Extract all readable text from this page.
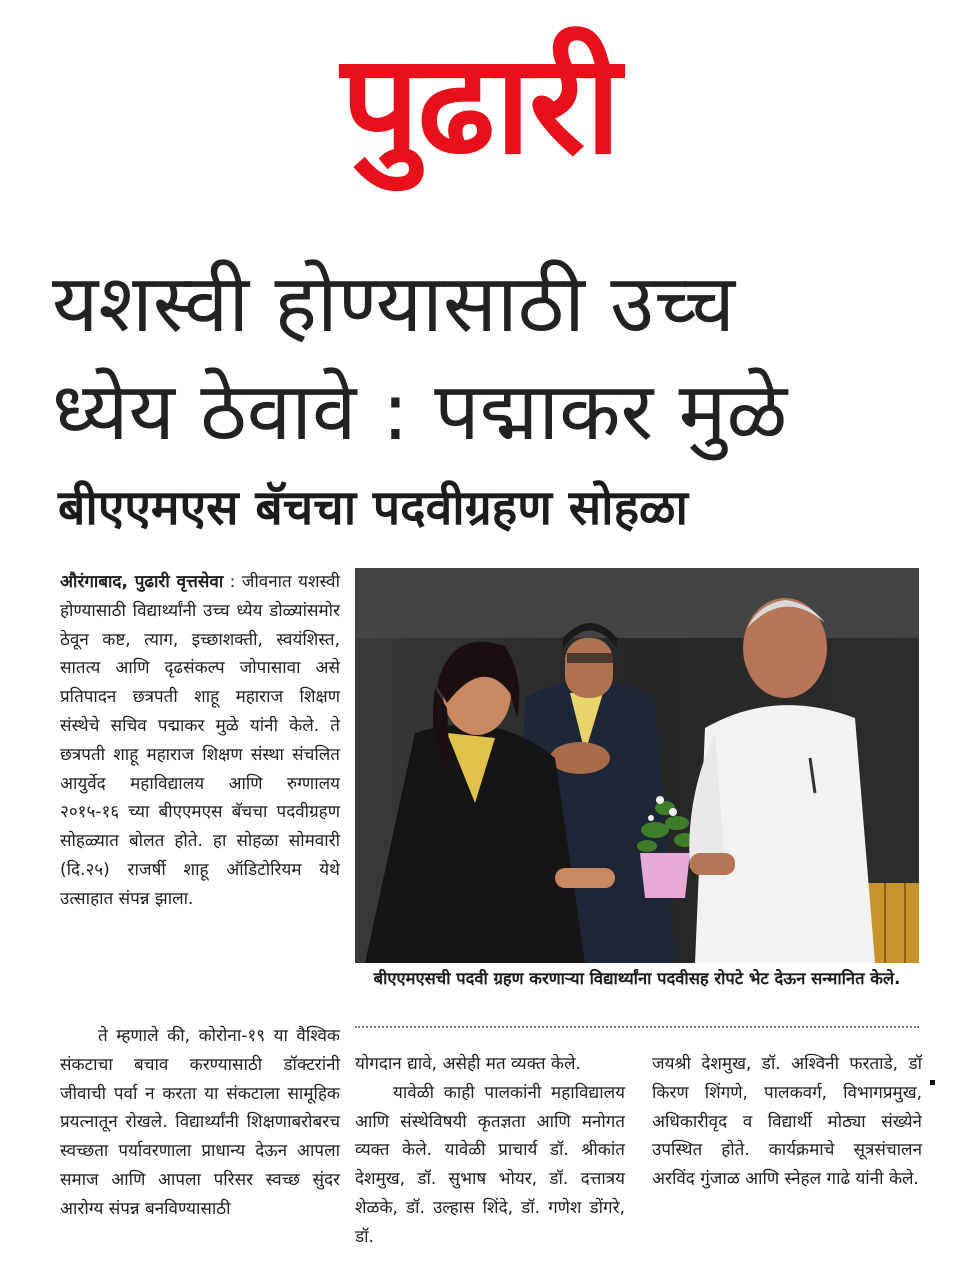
पुढारी
यशस्वी होण्यासाठी उच्च
ध्येय ठेवावे : पद्माकर मुळे
बीएएमएस बॅचचा पदवीग्रहण सोहळा

औरंगाबाद, पुढारी वृत्तसेवा : जीवनात यशस्वी होण्यासाठी विद्यार्थ्यांनी उच्च ध्येय डोळ्यांसमोर ठेवून कष्ट, त्याग, इच्छाशक्ती, स्वयंशिस्त, सातत्य आणि दृढसंकल्प जोपासावा असे प्रतिपादन छत्रपती शाहू महाराज शिक्षण संस्थेचे सचिव पद्माकर मुळे यांनी केले. ते छत्रपती शाहू महाराज शिक्षण संस्था संचलित आयुर्वेद महाविद्यालय आणि रुग्णालय २०१५-१६ च्या बीएएमएस बॅचचा पदवीग्रहण सोहळ्यात बोलत होते. हा सोहळा सोमवारी (दि.२५) राजर्षी शाहू ऑडिटोरियम येथे उत्साहात संपन्न झाला.

ते म्हणाले की, कोरोना-१९ या वैश्विक संकटाचा बचाव करण्यासाठी डॉक्टरांनी जीवाची पर्वा न करता या संकटाला सामूहिक प्रयत्नातून रोखले. विद्यार्थ्यांनी शिक्षणाबरोबरच स्वच्छता पर्यावरणाला प्राधान्य देऊन आपला समाज आणि आपला परिसर स्वच्छ सुंदर आरोग्य संपन्न बनविण्यासाठी

बीएएमएसची पदवी ग्रहण करणाऱ्या विद्यार्थ्यांना पदवीसह रोपटे भेट देऊन सन्मानित केले.

योगदान द्यावे, असेही मत व्यक्त केले.

यावेळी काही पालकांनी महाविद्यालय आणि संस्थेविषयी कृतज्ञता आणि मनोगत व्यक्त केले. यावेळी प्राचार्य डॉ. श्रीकांत देशमुख, डॉ. सुभाष भोयर, डॉ. दत्तात्रय शेळके, डॉ. उल्हास शिंदे, डॉ. गणेश डोंगरे, डॉ.

जयश्री देशमुख, डॉ. अश्विनी फरताडे, डॉ किरण शिंगणे, पालकवर्ग, विभागप्रमुख, अधिकारीवृद व विद्यार्थी मोठ्या संख्येने उपस्थित होते. कार्यक्रमाचे सूत्रसंचालन अरविंद गुंजाळ आणि स्नेहल गाढे यांनी केले.
